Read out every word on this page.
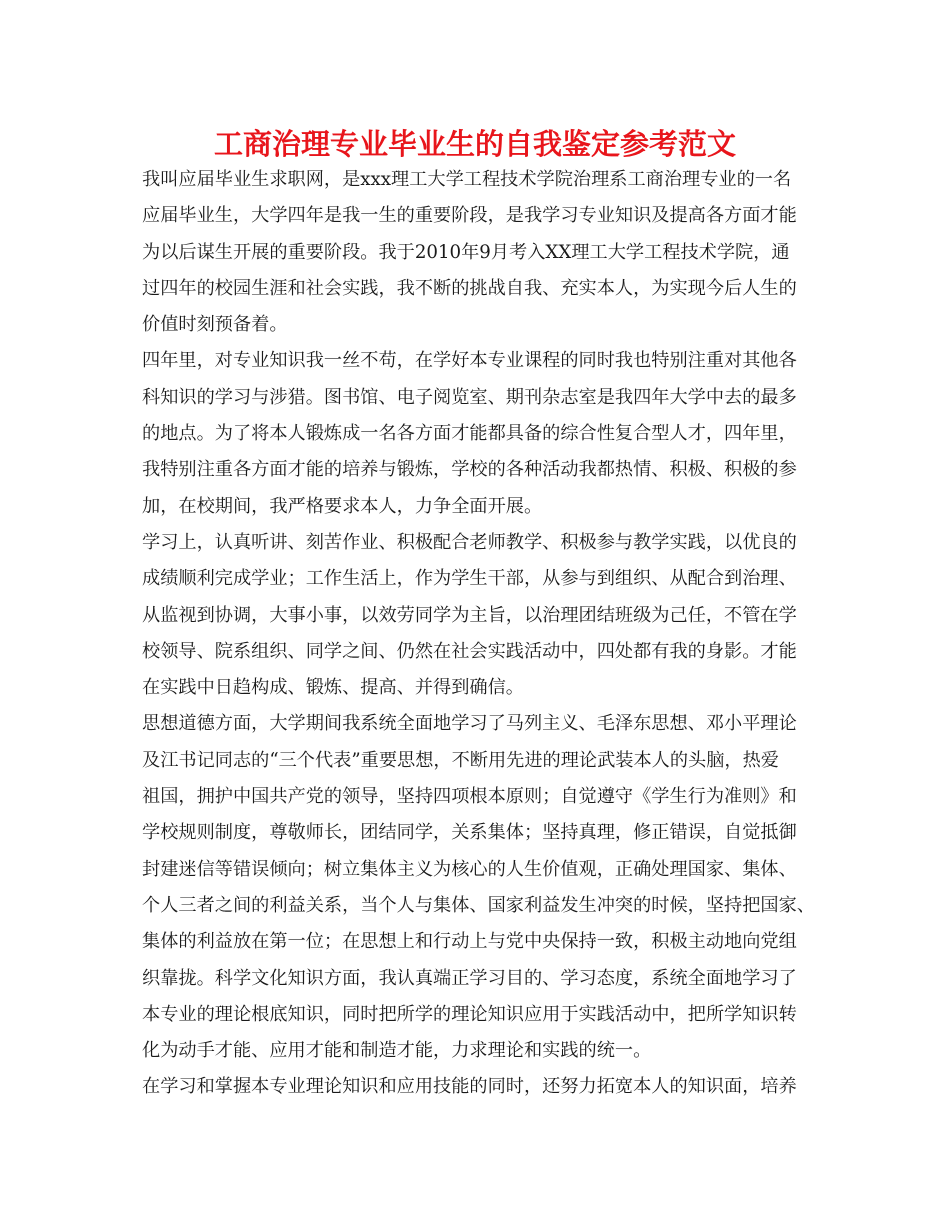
工商治理专业毕业生的自我鉴定参考范文
我叫应届毕业生求职网，是xxx理工大学工程技术学院治理系工商治理专业的一名
应届毕业生，大学四年是我一生的重要阶段，是我学习专业知识及提高各方面才能
为以后谋生开展的重要阶段。我于2010年9月考入XX理工大学工程技术学院，通
过四年的校园生涯和社会实践，我不断的挑战自我、充实本人，为实现今后人生的
价值时刻预备着。
四年里，对专业知识我一丝不苟，在学好本专业课程的同时我也特别注重对其他各
科知识的学习与涉猎。图书馆、电子阅览室、期刊杂志室是我四年大学中去的最多
的地点。为了将本人锻炼成一名各方面才能都具备的综合性复合型人才，四年里，
我特别注重各方面才能的培养与锻炼，学校的各种活动我都热情、积极、积极的参
加，在校期间，我严格要求本人，力争全面开展。
学习上，认真听讲、刻苦作业、积极配合老师教学、积极参与教学实践，以优良的
成绩顺利完成学业；工作生活上，作为学生干部，从参与到组织、从配合到治理、
从监视到协调，大事小事，以效劳同学为主旨，以治理团结班级为己任，不管在学
校领导、院系组织、同学之间、仍然在社会实践活动中，四处都有我的身影。才能
在实践中日趋构成、锻炼、提高、并得到确信。
思想道德方面，大学期间我系统全面地学习了马列主义、毛泽东思想、邓小平理论
及江书记同志的“三个代表”重要思想，不断用先进的理论武装本人的头脑，热爱
祖国，拥护中国共产党的领导，坚持四项根本原则；自觉遵守《学生行为准则》和
学校规则制度，尊敬师长，团结同学，关系集体；坚持真理，修正错误，自觉抵御
封建迷信等错误倾向；树立集体主义为核心的人生价值观，正确处理国家、集体、
个人三者之间的利益关系，当个人与集体、国家利益发生冲突的时候，坚持把国家、
集体的利益放在第一位；在思想上和行动上与党中央保持一致，积极主动地向党组
织靠拢。科学文化知识方面，我认真端正学习目的、学习态度，系统全面地学习了
本专业的理论根底知识，同时把所学的理论知识应用于实践活动中，把所学知识转
化为动手才能、应用才能和制造才能，力求理论和实践的统一。
在学习和掌握本专业理论知识和应用技能的同时，还努力拓宽本人的知识面，培养
